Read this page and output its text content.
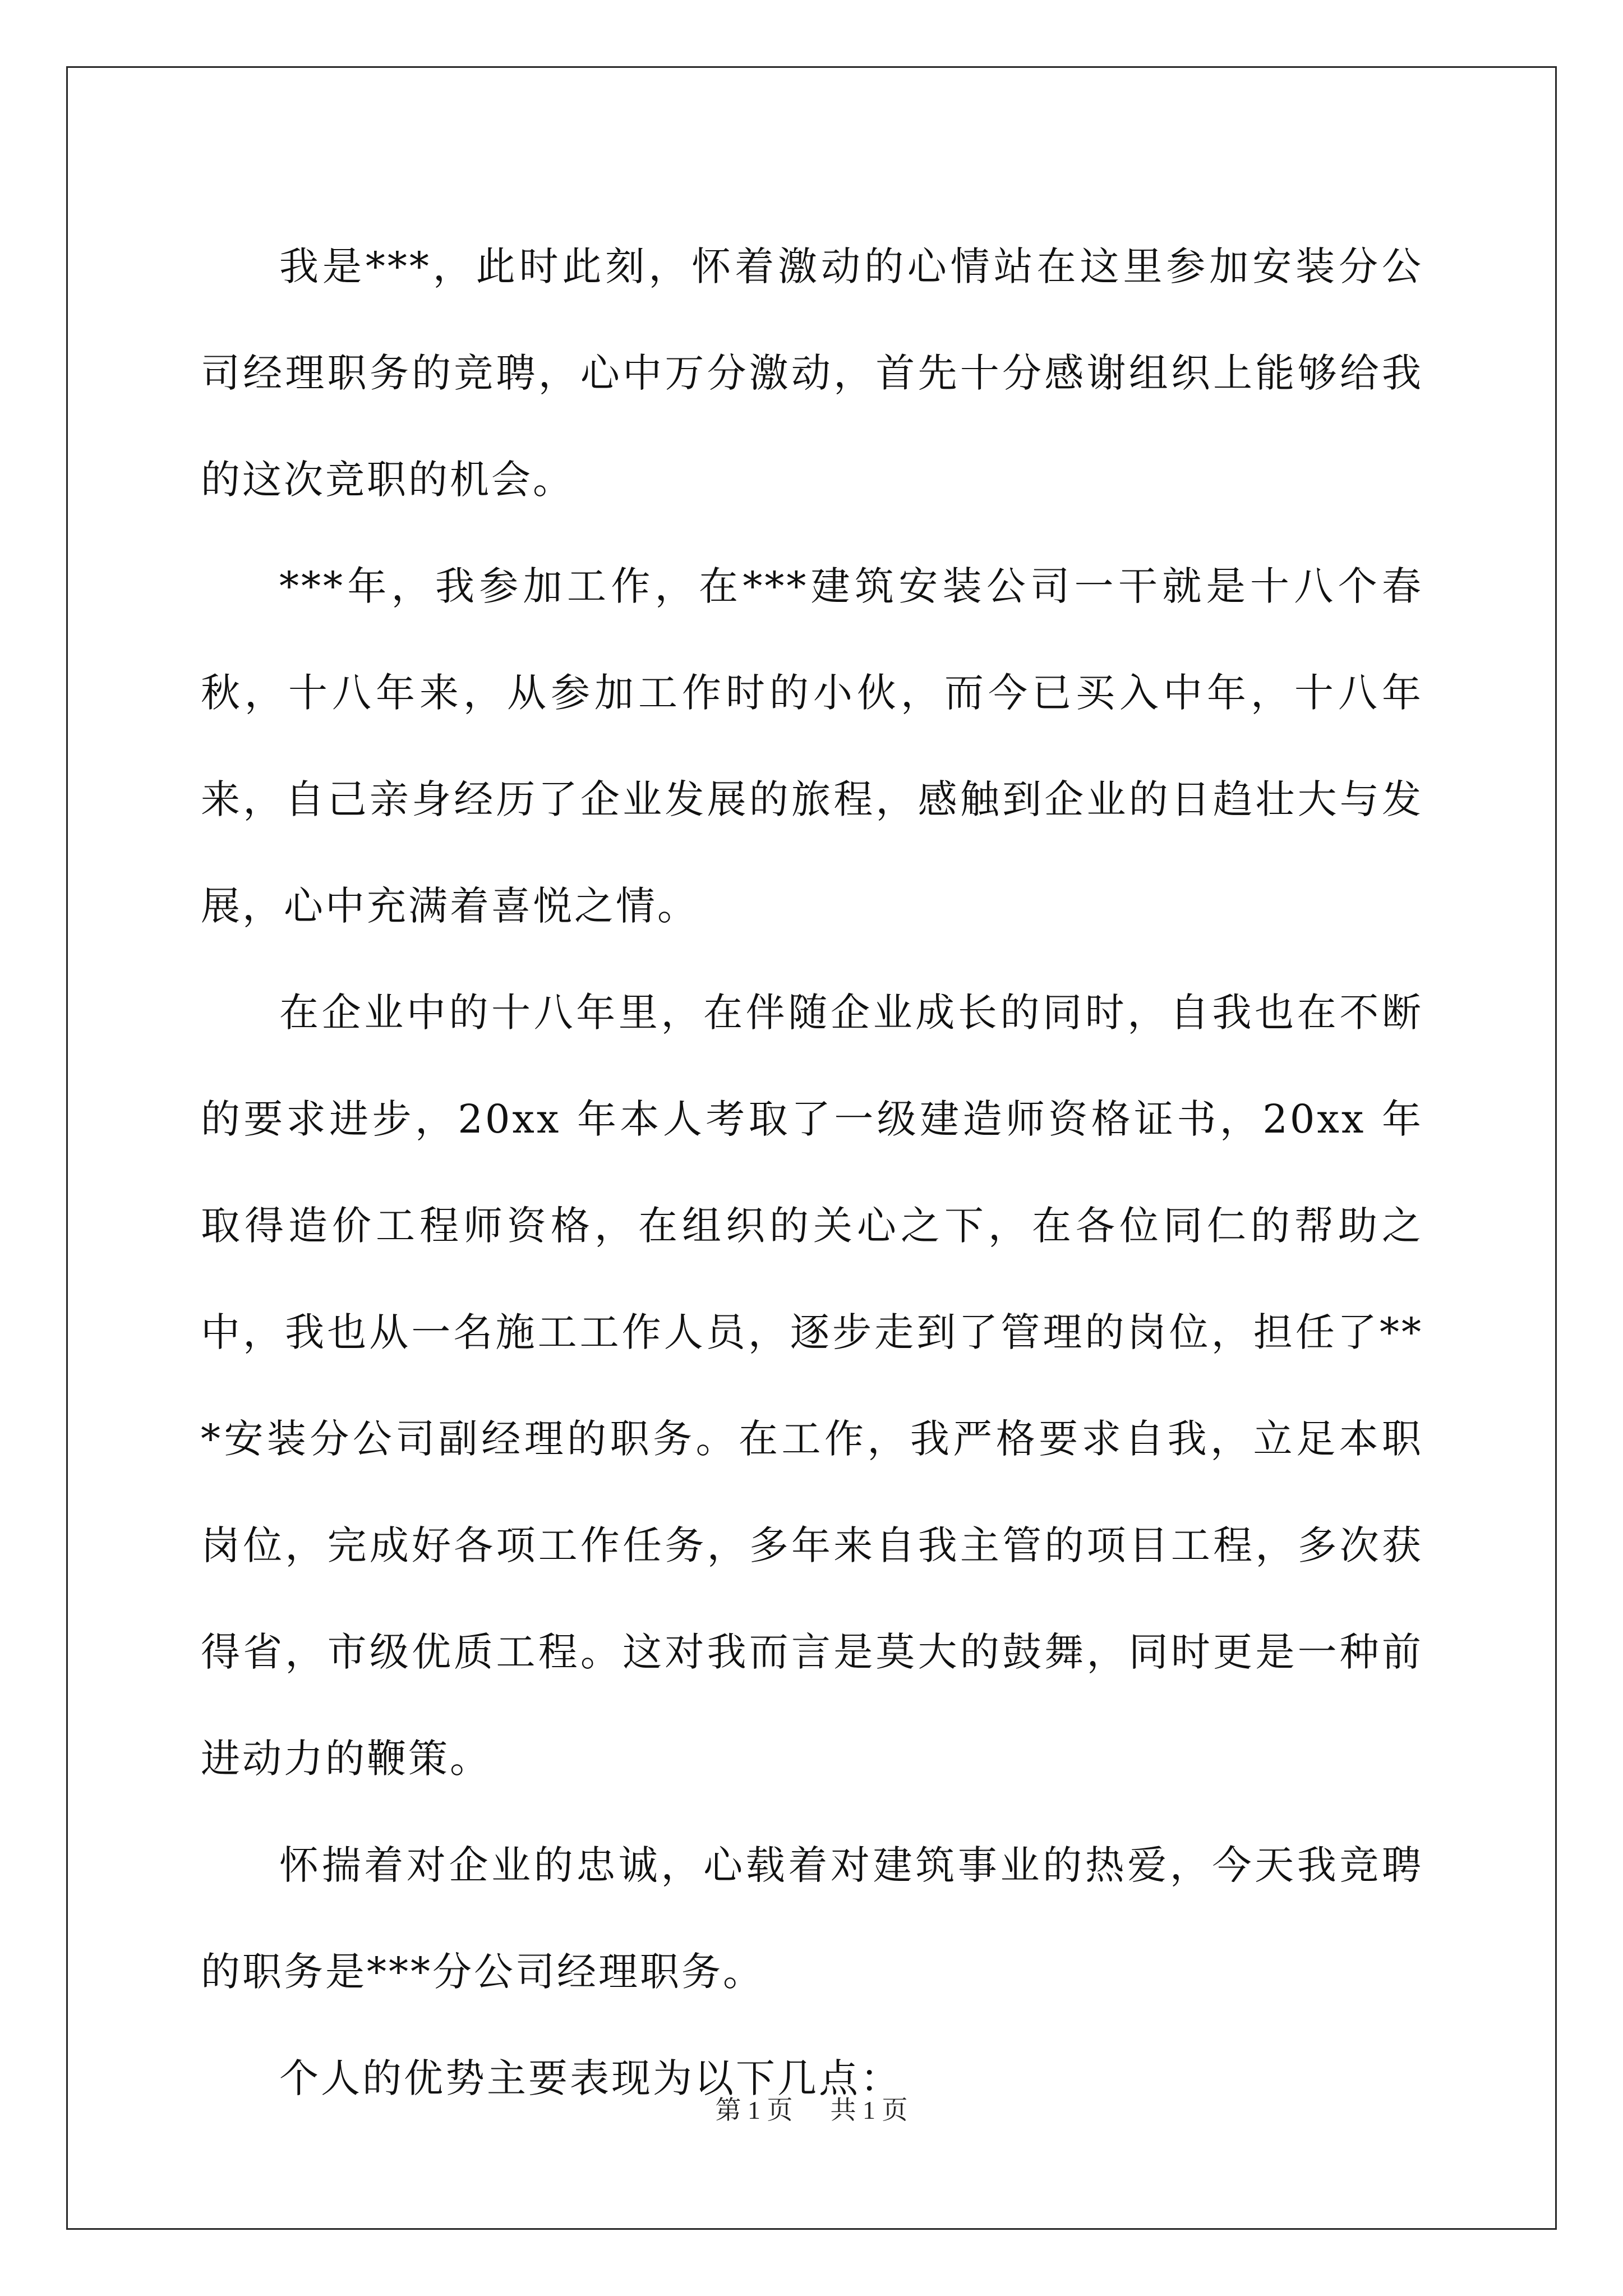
我是***，此时此刻，怀着激动的心情站在这里参加安装分公司经理职务的竞聘，心中万分激动，首先十分感谢组织上能够给我的这次竞职的机会。

***年，我参加工作，在***建筑安装公司一干就是十八个春秋，十八年来，从参加工作时的小伙，而今已买入中年，十八年来，自己亲身经历了企业发展的旅程，感触到企业的日趋壮大与发展，心中充满着喜悦之情。

在企业中的十八年里，在伴随企业成长的同时，自我也在不断的要求进步，20xx 年本人考取了一级建造师资格证书，20xx 年取得造价工程师资格，在组织的关心之下，在各位同仁的帮助之中，我也从一名施工工作人员，逐步走到了管理的岗位，担任了***安装分公司副经理的职务。在工作，我严格要求自我，立足本职岗位，完成好各项工作任务，多年来自我主管的项目工程，多次获得省，市级优质工程。这对我而言是莫大的鼓舞，同时更是一种前进动力的鞭策。

怀揣着对企业的忠诚，心载着对建筑事业的热爱，今天我竞聘的职务是***分公司经理职务。

个人的优势主要表现为以下几点：

第 1 页 共 1 页
